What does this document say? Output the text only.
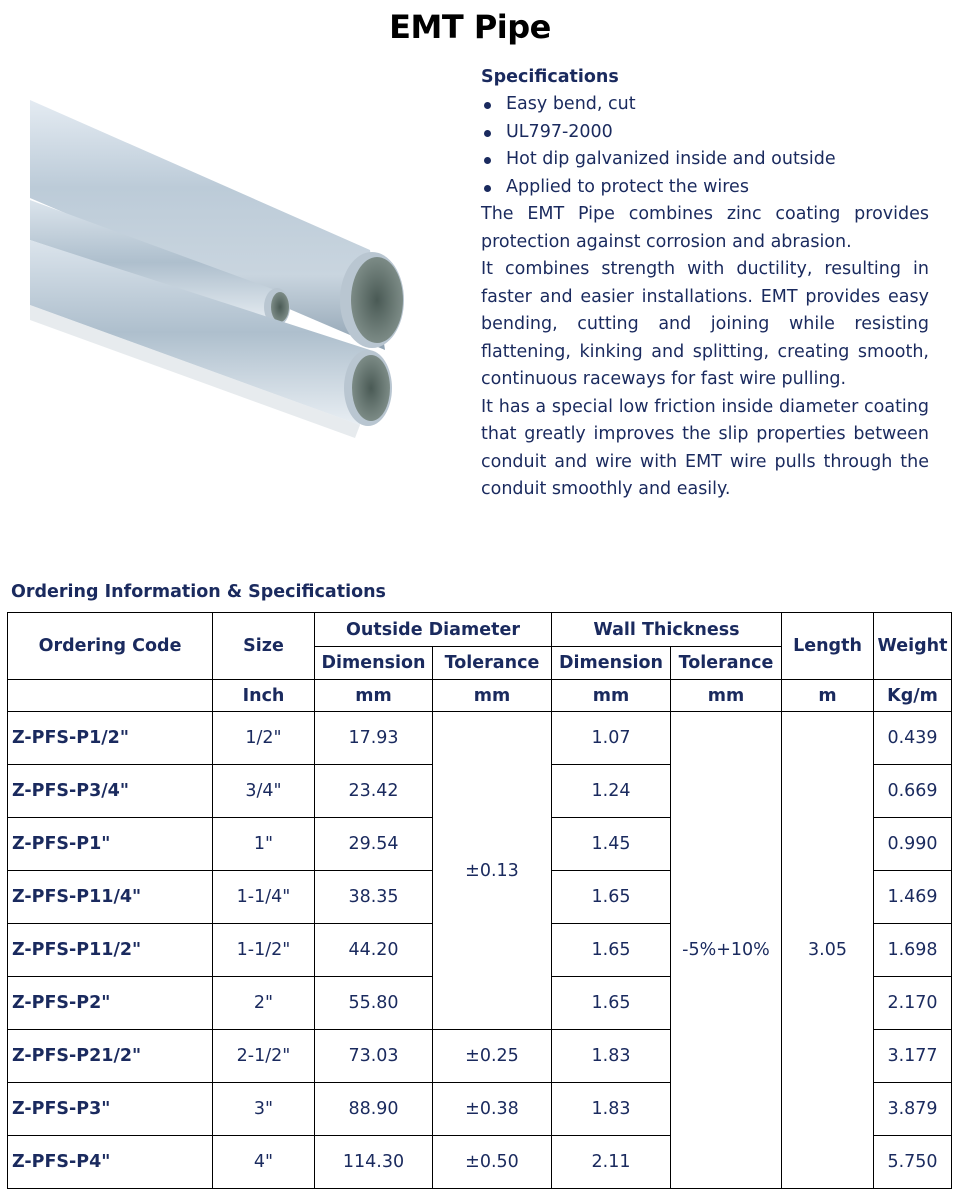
EMT Pipe
Specifications
Easy bend, cut
UL797-2000
Hot dip galvanized inside and outside
Applied to protect the wires

The EMT Pipe combines zinc coating provides protection against corrosion and abrasion.

It combines strength with ductility, resulting in faster and easier installations. EMT provides easy bending, cutting and joining while resisting flattening, kinking and splitting, creating smooth, continuous raceways for fast wire pulling.

It has a special low friction inside diameter coating that greatly improves the slip properties between conduit and wire with EMT wire pulls through the conduit smoothly and easily.

Ordering Information & Specifications
Ordering Code	Size	Outside Diameter		Wall Thickness		Length	Weight
		Dimension	Tolerance	Dimension	Tolerance		
	Inch	mm	mm	mm	mm	m	Kg/m
Z-PFS-P1/2"	1/2"	17.93	±0.13	1.07	-5%+10%	3.05	0.439
Z-PFS-P3/4"	3/4"	23.42		1.24			0.669
Z-PFS-P1"	1"	29.54		1.45			0.990
Z-PFS-P11/4"	1-1/4"	38.35		1.65			1.469
Z-PFS-P11/2"	1-1/2"	44.20		1.65			1.698
Z-PFS-P2"	2"	55.80		1.65			2.170
Z-PFS-P21/2"	2-1/2"	73.03	±0.25	1.83			3.177
Z-PFS-P3"	3"	88.90	±0.38	1.83			3.879
Z-PFS-P4"	4"	114.30	±0.50	2.11			5.750
